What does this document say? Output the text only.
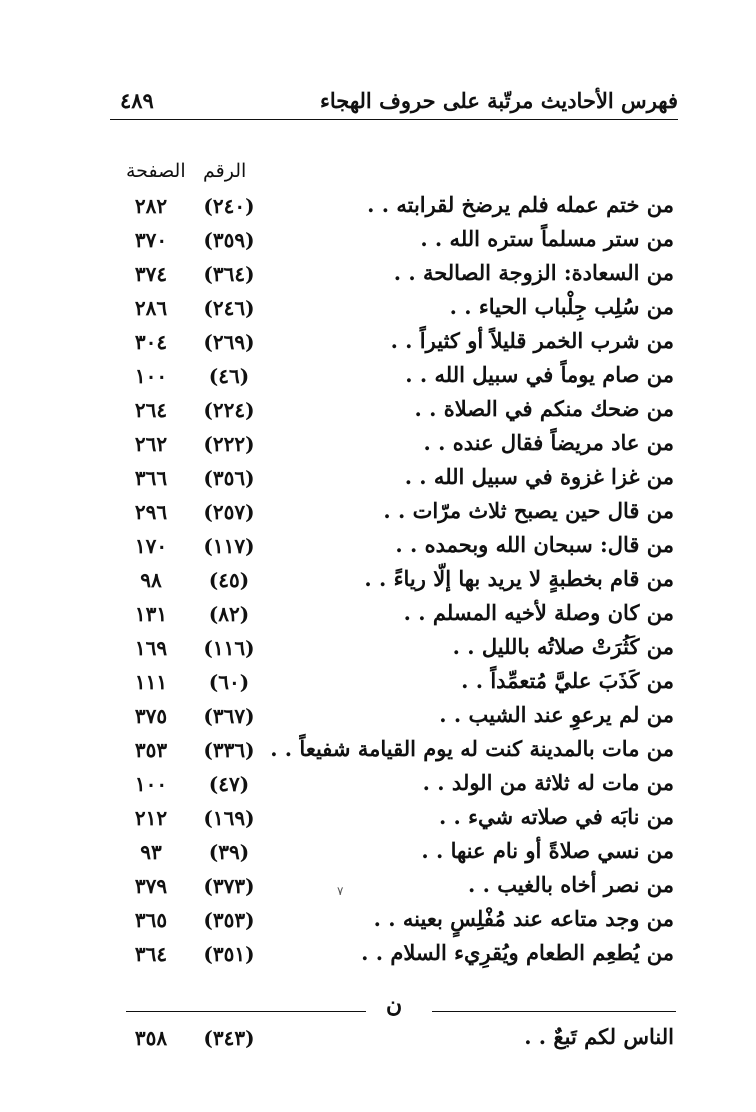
فهرس الأحاديث مرتّبة على حروف الهجاء
٤٨٩
الرقم
الصفحة
من ختم عمله فلم يرضخ لقرابته . .
(٢٤٠)
٢٨٢
من ستر مسلماً ستره الله . .
(٣٥٩)
٣٧٠
من السعادة: الزوجة الصالحة . .
(٣٦٤)
٣٧٤
من سُلِب جِلْباب الحياء . .
(٢٤٦)
٢٨٦
من شرب الخمر قليلاً أو كثيراً . .
(٢٦٩)
٣٠٤
من صام يوماً في سبيل الله . .
(٤٦)
١٠٠
من ضحك منكم في الصلاة . .
(٢٢٤)
٢٦٤
من عاد مريضاً فقال عنده . .
(٢٢٢)
٢٦٢
من غزا غزوة في سبيل الله . .
(٣٥٦)
٣٦٦
من قال حين يصبح ثلاث مرّات . .
(٢٥٧)
٢٩٦
من قال: سبحان الله وبحمده . .
(١١٧)
١٧٠
من قام بخطبةٍ لا يريد بها إلّا رياءً . .
(٤٥)
٩٨
من كان وصلة لأخيه المسلم . .
(٨٢)
١٣١
من كَثُرَتْ صلاتُه بالليل . .
(١١٦)
١٦٩
من كَذَبَ عليَّ مُتعمِّداً . .
(٦٠)
١١١
من لم يرعوِ عند الشيب . .
(٣٦٧)
٣٧٥
من مات بالمدينة كنت له يوم القيامة شفيعاً . .
(٣٣٦)
٣٥٣
من مات له ثلاثة من الولد . .
(٤٧)
١٠٠
من نابَه في صلاته شيء . .
(١٦٩)
٢١٢
من نسي صلاةً أو نام عنها . .
(٣٩)
٩٣
من نصر أخاه بالغيب . .
(٣٧٣)
٣٧٩
من وجد متاعه عند مُفْلِسٍ بعينه . .
(٣٥٣)
٣٦٥
من يُطعِم الطعام ويُقرِيء السلام . .
(٣٥١)
٣٦٤
ن
الناس لكم تَبعٌ . .
(٣٤٣)
٣٥٨
٧
